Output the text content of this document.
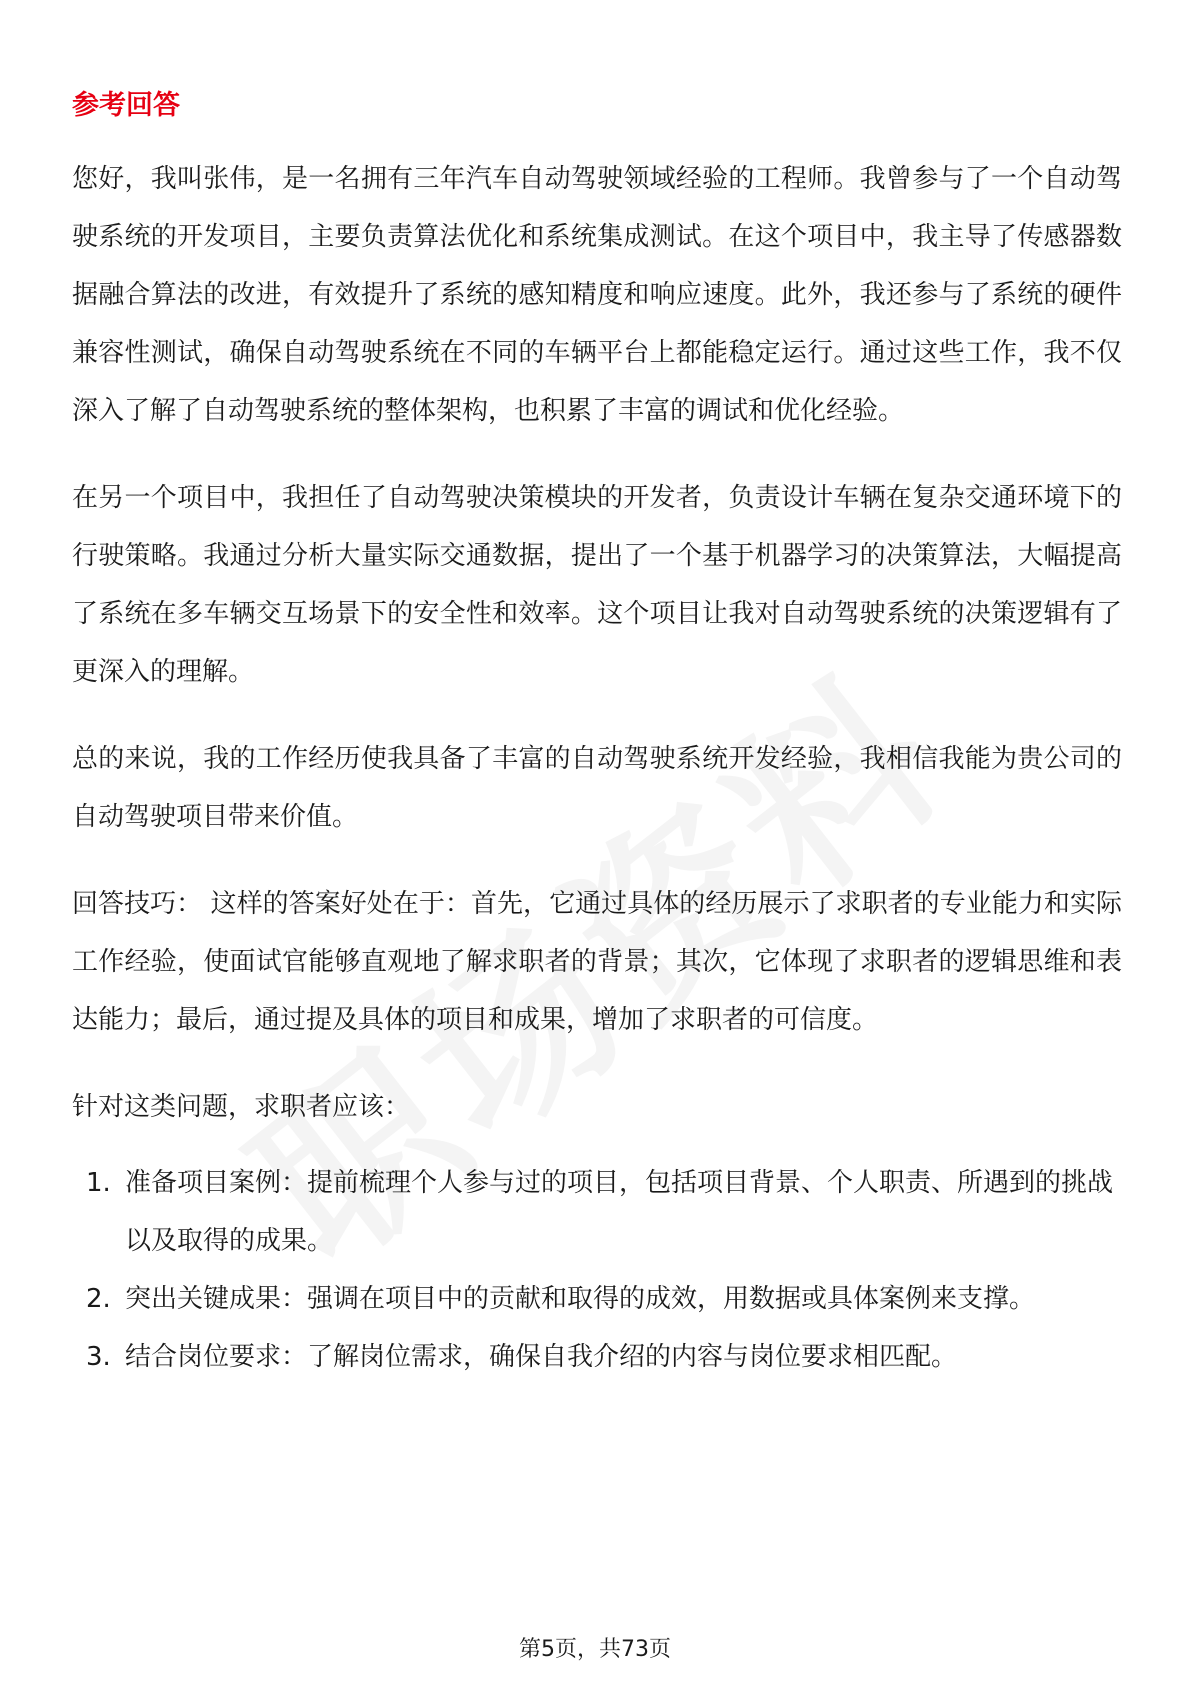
参考回答

您好，我叫张伟，是一名拥有三年汽车自动驾驶领域经验的工程师。我曾参与了一个自动驾驶系统的开发项目，主要负责算法优化和系统集成测试。在这个项目中，我主导了传感器数据融合算法的改进，有效提升了系统的感知精度和响应速度。此外，我还参与了系统的硬件兼容性测试，确保自动驾驶系统在不同的车辆平台上都能稳定运行。通过这些工作，我不仅深入了解了自动驾驶系统的整体架构，也积累了丰富的调试和优化经验。

在另一个项目中，我担任了自动驾驶决策模块的开发者，负责设计车辆在复杂交通环境下的行驶策略。我通过分析大量实际交通数据，提出了一个基于机器学习的决策算法，大幅提高了系统在多车辆交互场景下的安全性和效率。这个项目让我对自动驾驶系统的决策逻辑有了更深入的理解。

总的来说，我的工作经历使我具备了丰富的自动驾驶系统开发经验，我相信我能为贵公司的自动驾驶项目带来价值。

回答技巧： 这样的答案好处在于：首先，它通过具体的经历展示了求职者的专业能力和实际工作经验，使面试官能够直观地了解求职者的背景；其次，它体现了求职者的逻辑思维和表达能力；最后，通过提及具体的项目和成果，增加了求职者的可信度。

针对这类问题，求职者应该：

1. 准备项目案例：提前梳理个人参与过的项目，包括项目背景、个人职责、所遇到的挑战以及取得的成果。
2. 突出关键成果：强调在项目中的贡献和取得的成效，用数据或具体案例来支撑。
3. 结合岗位要求：了解岗位需求，确保自我介绍的内容与岗位要求相匹配。
第5页，共73页
